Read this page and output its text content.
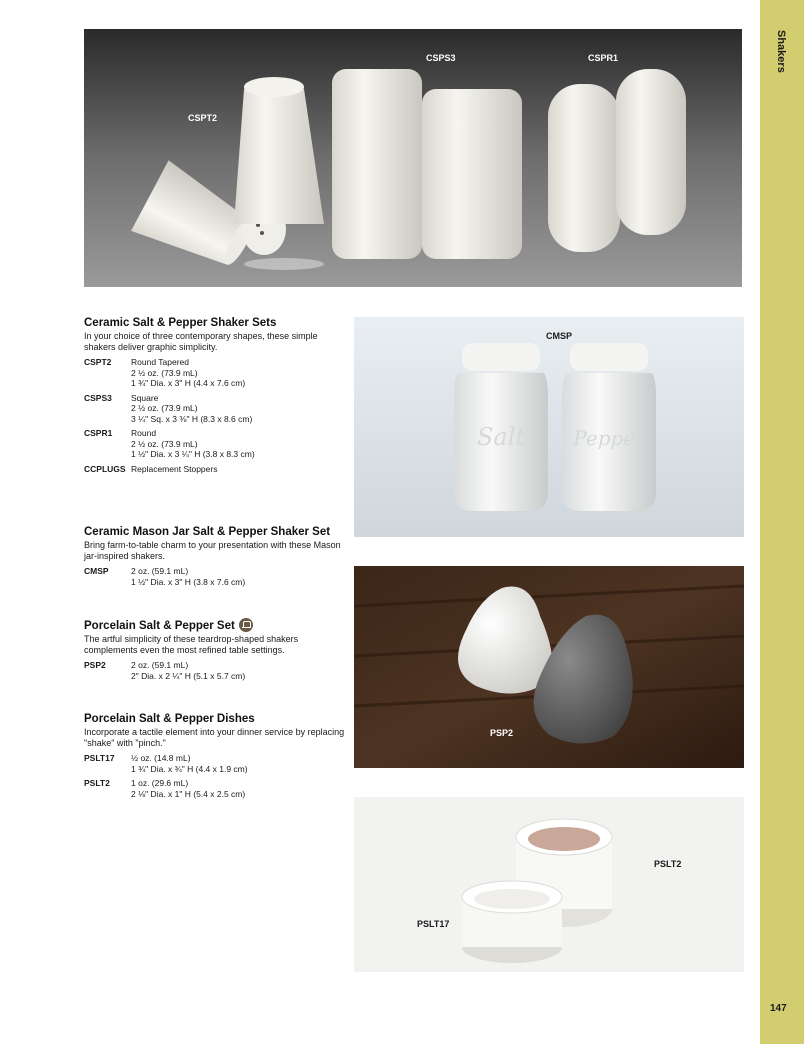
Shakers
147
CSPT2
CSPS3	CSPR1
Salt Pepper
CMSP
PSP2
PSLT2
PSLT17
Ceramic Salt & Pepper Shaker Sets

In your choice of three contemporary shapes, these simple shakers deliver graphic simplicity.

CSPT2	Round Tapered
2 ½ oz. (73.9 mL)
1 ¾" Dia. x 3" H (4.4 x 7.6 cm)
CSPS3	Square
2 ½ oz. (73.9 mL)
3 ¼" Sq. x 3 ⅜" H (8.3 x 8.6 cm)
CSPR1	Round
2 ½ oz. (73.9 mL)
1 ½" Dia. x 3 ¼" H (3.8 x 8.3 cm)
CCPLUGS Replacement Stoppers
Ceramic Mason Jar Salt & Pepper Shaker Set

Bring farm-to-table charm to your presentation with these Mason jar-inspired shakers.

CMSP	2 oz. (59.1 mL)
1 ½" Dia. x 3" H (3.8 x 7.6 cm)
Porcelain Salt & Pepper Set

The artful simplicity of these teardrop-shaped shakers complements even the most refined table settings.

PSP2	2 oz. (59.1 mL)
2" Dia. x 2 ¼" H (5.1 x 5.7 cm)
Porcelain Salt & Pepper Dishes

Incorporate a tactile element into your dinner service by replacing "shake" with "pinch."

PSLT17	½ oz. (14.8 mL)
1 ¾" Dia. x ¾" H (4.4 x 1.9 cm)
PSLT2	1 oz. (29.6 mL)
2 ⅛" Dia. x 1" H (5.4 x 2.5 cm)
